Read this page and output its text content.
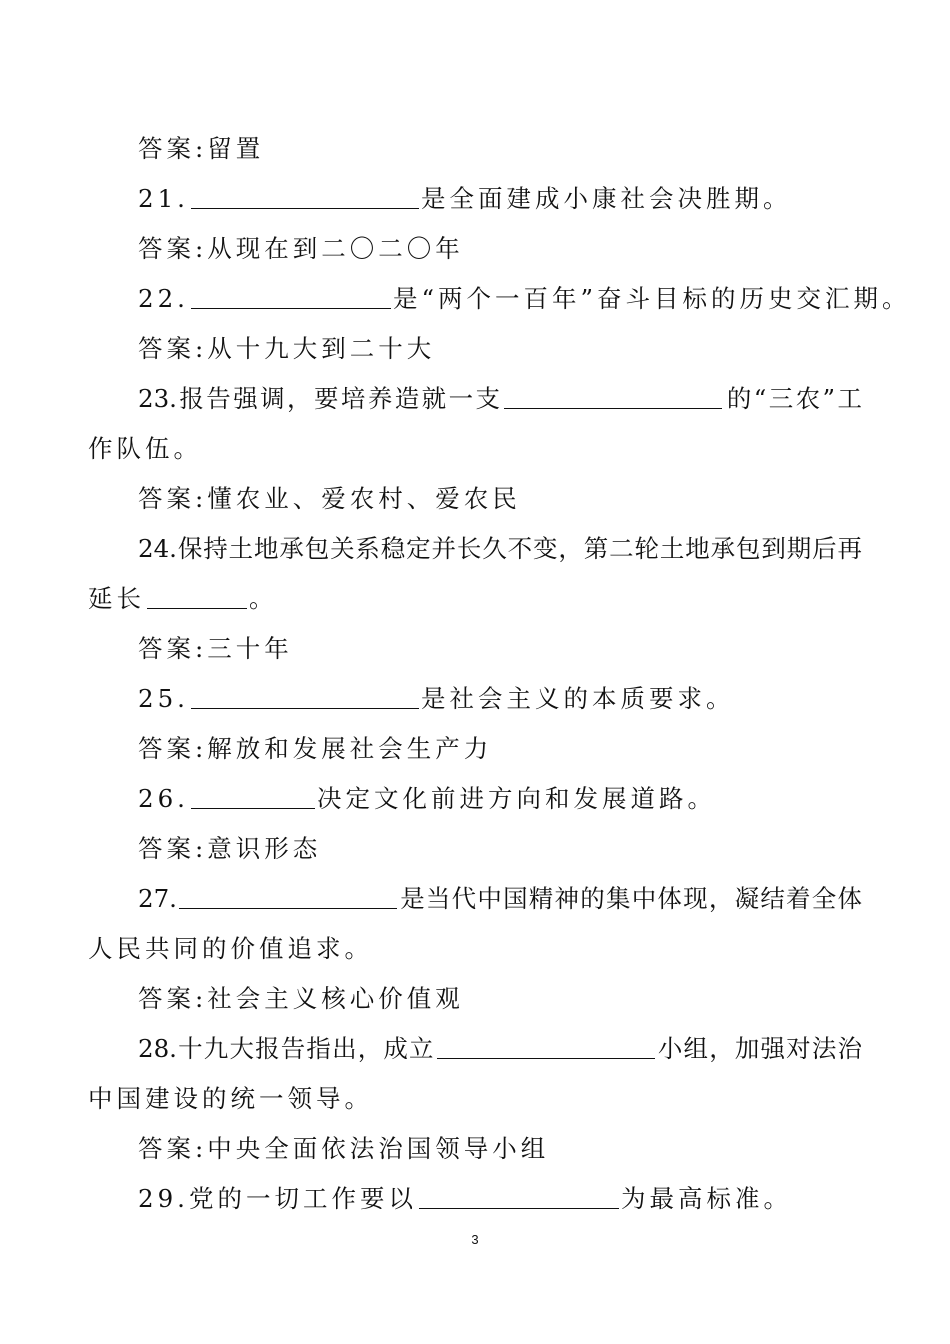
答案:留置
21.	是全面建成小康社会决胜期。
答案:从现在到二〇二〇年
22.	是“两个一百年”奋斗目标的历史交汇期。
答案:从十九大到二十大
23.报告强调，要培养造就一支	的“三农”工
作队伍。
答案:懂农业、爱农村、爱农民
24.保持土地承包关系稳定并长久不变，第二轮土地承包到期后再
延长	。
答案:三十年
25.	是社会主义的本质要求。
答案:解放和发展社会生产力
26.	决定文化前进方向和发展道路。
答案:意识形态
27.	是当代中国精神的集中体现，凝结着全体
人民共同的价值追求。
答案:社会主义核心价值观
28.十九大报告指出，成立	小组，加强对法治
中国建设的统一领导。
答案:中央全面依法治国领导小组
29.党的一切工作要以	为最高标准。
3
